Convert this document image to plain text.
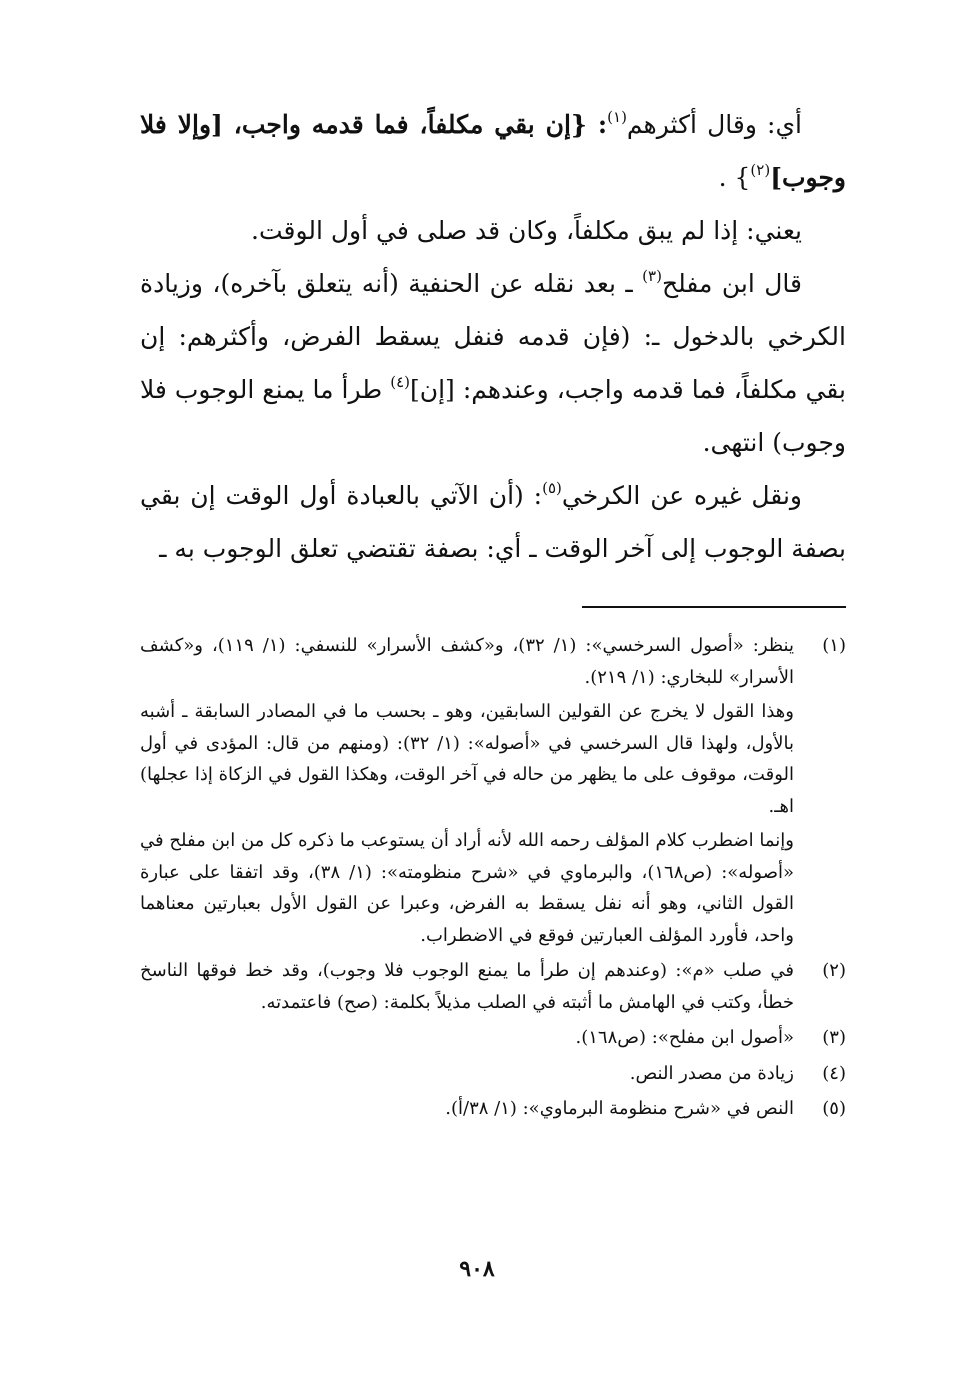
أي: وقال أكثرهم$^{(١)}$: {إن بقي مكلفاً، فما قدمه واجب، [وإلا فلا وجوب]$^{(٢)}$} .

يعني: إذا لم يبق مكلفاً، وكان قد صلى في أول الوقت.

قال ابن مفلح$^{(٣)}$ ـ بعد نقله عن الحنفية (أنه يتعلق بآخره)، وزيادة الكرخي بالدخول ـ: (فإن قدمه فنفل يسقط الفرض، وأكثرهم: إن بقي مكلفاً، فما قدمه واجب، وعندهم: [إن]$^{(٤)}$ طرأ ما يمنع الوجوب فلا وجوب) انتهى.

ونقل غيره عن الكرخي$^{(٥)}$: (أن الآتي بالعبادة أول الوقت إن بقي بصفة الوجوب إلى آخر الوقت ـ أي: بصفة تقتضي تعلق الوجوب به ـ

(١)

ينظر: «أصول السرخسي»: (١/ ٣٢)، و«كشف الأسرار» للنسفي: (١/ ١١٩)، و«كشف الأسرار» للبخاري: (١/ ٢١٩).

وهذا القول لا يخرج عن القولين السابقين، وهو ـ بحسب ما في المصادر السابقة ـ أشبه بالأول، ولهذا قال السرخسي في «أصوله»: (١/ ٣٢): (ومنهم من قال: المؤدى في أول الوقت، موقوف على ما يظهر من حاله في آخر الوقت، وهكذا القول في الزكاة إذا عجلها) اهـ.

وإنما اضطرب كلام المؤلف رحمه الله لأنه أراد أن يستوعب ما ذكره كل من ابن مفلح في «أصوله»: (ص١٦٨)، والبرماوي في «شرح منظومته»: (١/ ٣٨)، وقد اتفقا على عبارة القول الثاني، وهو أنه نفل يسقط به الفرض، وعبرا عن القول الأول بعبارتين معناهما واحد، فأورد المؤلف العبارتين فوقع في الاضطراب.

(٢)

في صلب «م»: (وعندهم إن طرأ ما يمنع الوجوب فلا وجوب)، وقد خط فوقها الناسخ خطأ، وكتب في الهامش ما أثبته في الصلب مذيلاً بكلمة: (صح) فاعتمدته.

(٣)

«أصول ابن مفلح»: (ص١٦٨).

(٤)

زيادة من مصدر النص.

(٥)

النص في «شرح منظومة البرماوي»: (١/ ٣٨/أ).

٩٠٨
